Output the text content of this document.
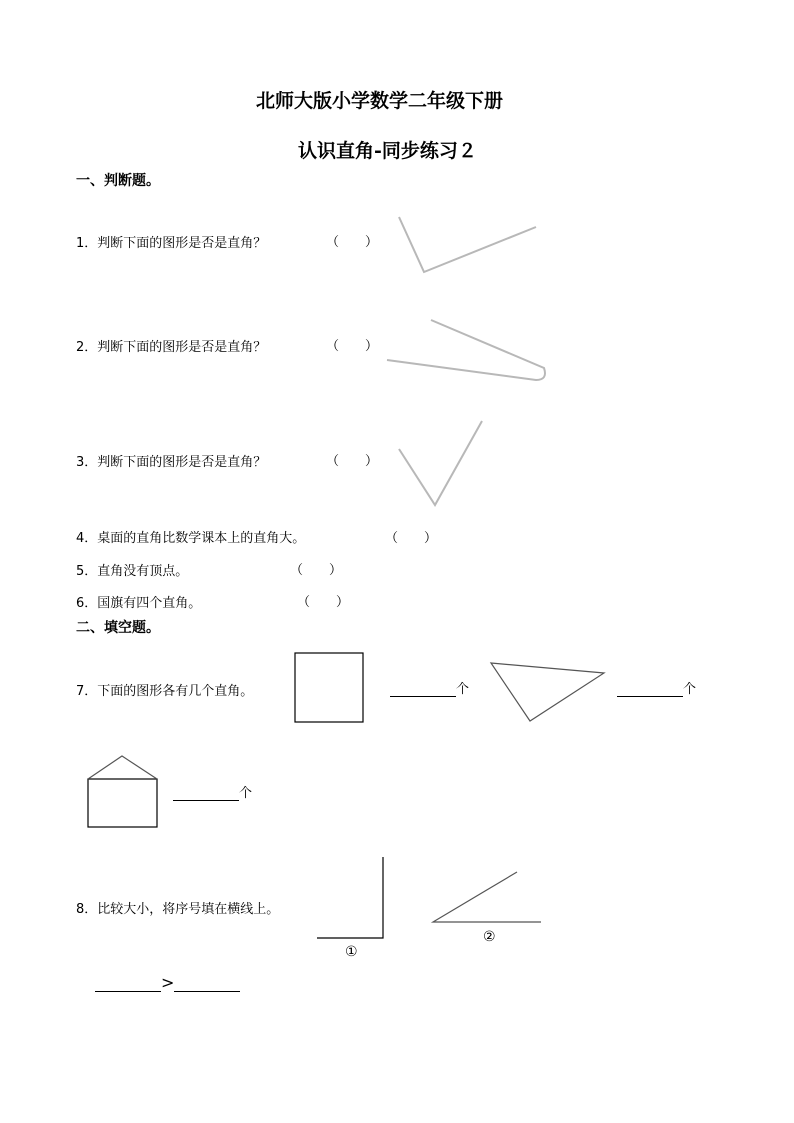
北师大版小学数学二年级下册
认识直角-同步练习２
一、判断题。
1．判断下面的图形是否是直角？	（　　）
2．判断下面的图形是否是直角？	（　　）
3．判断下面的图形是否是直角？	（　　）
4．桌面的直角比数学课本上的直角大。	（　　）
5．直角没有顶点。	（　　）
6．国旗有四个直角。	（　　）
二、填空题。
7．下面的图形各有几个直角。	个	个
个
8．比较大小，将序号填在横线上。
①
②
>
